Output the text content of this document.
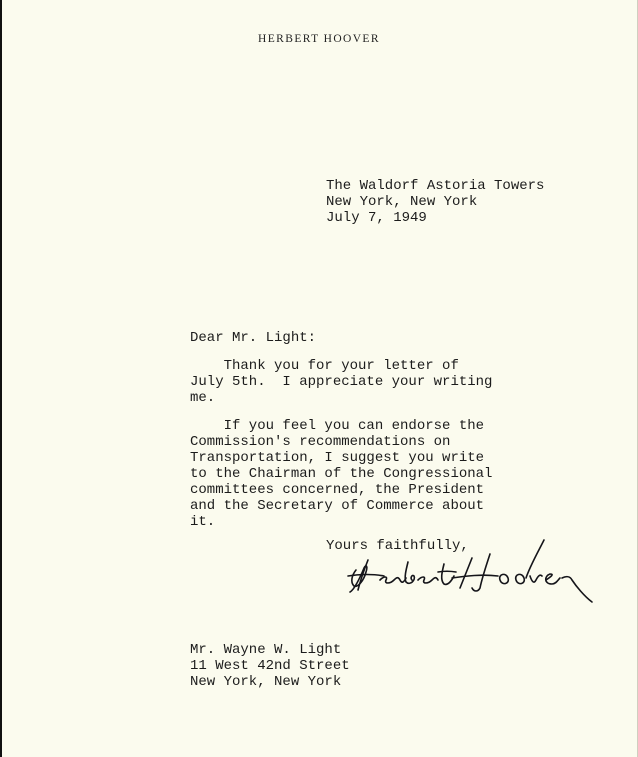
HERBERT HOOVER
The Waldorf Astoria Towers
New York, New York
July 7, 1949
Dear Mr. Light:
Thank you for your letter of
July 5th.  I appreciate your writing
me.
If you feel you can endorse the
Commission's recommendations on
Transportation, I suggest you write
to the Chairman of the Congressional
committees concerned, the President
and the Secretary of Commerce about
it.
Yours faithfully,
Mr. Wayne W. Light
11 West 42nd Street
New York, New York
